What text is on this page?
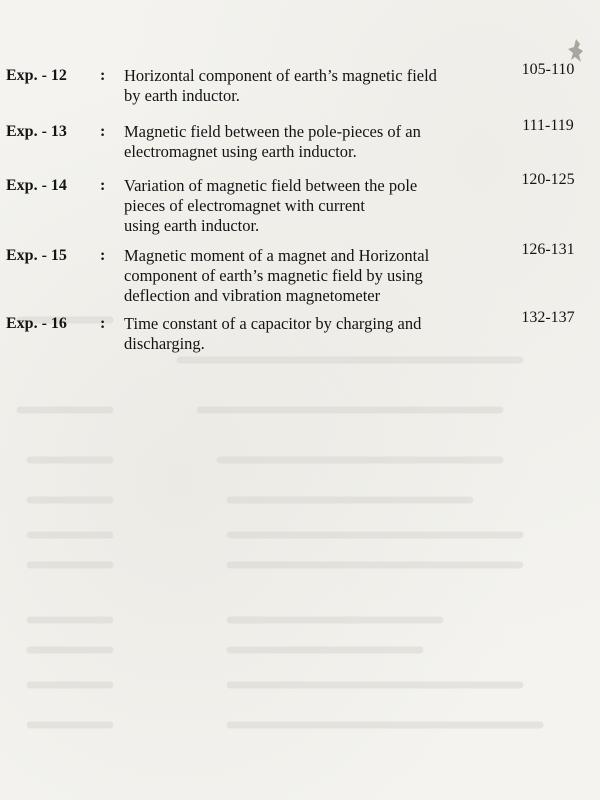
Exp. - 12 : Horizontal component of earth’s magnetic field
by earth inductor.
105-110
Exp. - 13 : Magnetic field between the pole-pieces of an
electromagnet using earth inductor.
111-119
Exp. - 14 : Variation of magnetic field between the pole
pieces of electromagnet with current
using earth inductor.
120-125
Exp. - 15 : Magnetic moment of a magnet and Horizontal
component of earth’s magnetic field by using
deflection and vibration magnetometer
126-131
Exp. - 16 : Time constant of a capacitor by charging and
discharging.
132-137
